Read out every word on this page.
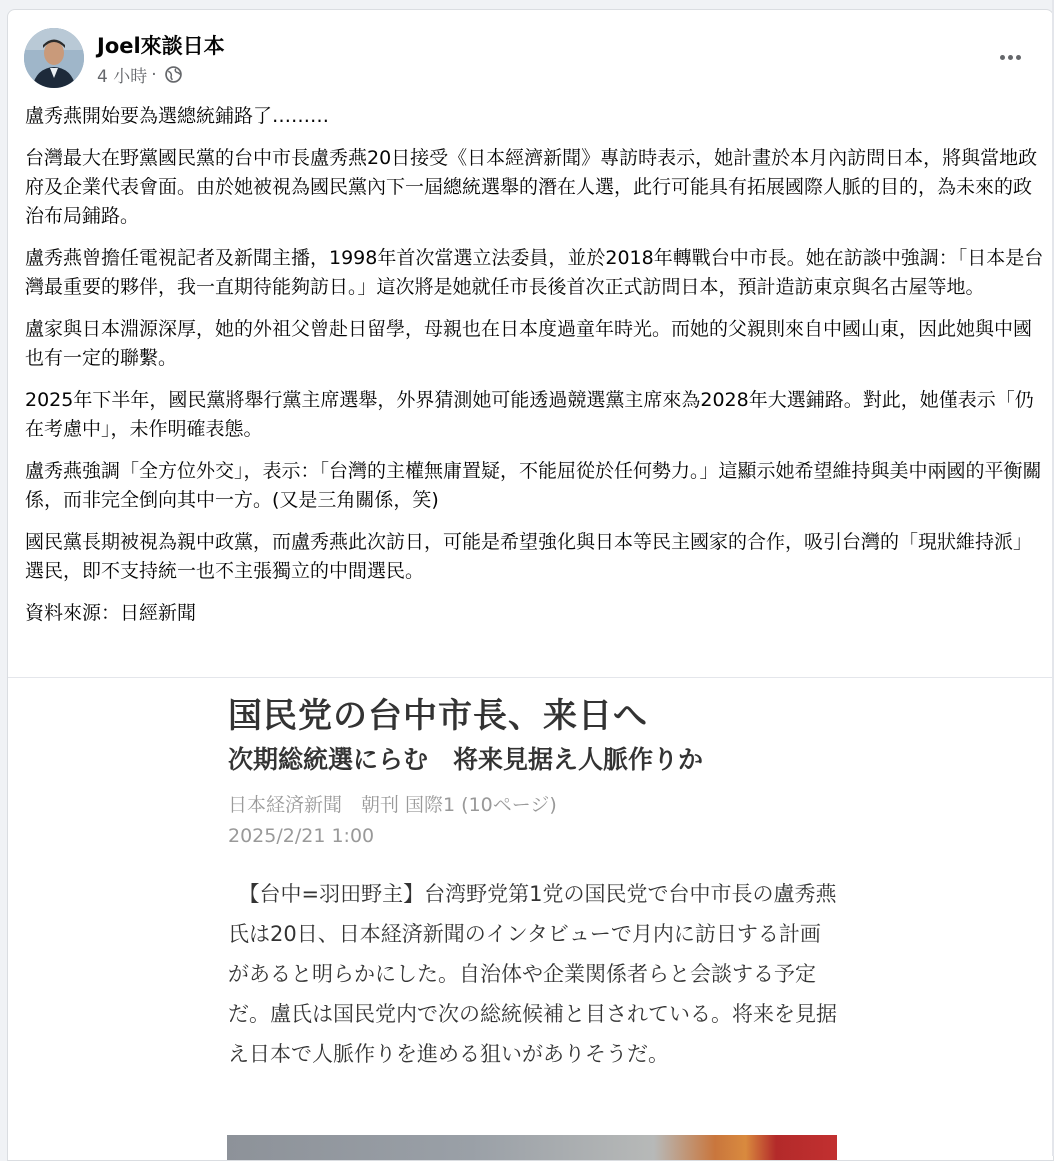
Joel來談日本
4 小時 ·

盧秀燕開始要為選總統鋪路了………

台灣最大在野黨國民黨的台中市長盧秀燕20日接受《日本經濟新聞》專訪時表示，她計畫於本月內訪問日本，將與當地政府及企業代表會面。由於她被視為國民黨內下一屆總統選舉的潛在人選，此行可能具有拓展國際人脈的目的，為未來的政治布局鋪路。

盧秀燕曾擔任電視記者及新聞主播，1998年首次當選立法委員，並於2018年轉戰台中市長。她在訪談中強調：「日本是台灣最重要的夥伴，我一直期待能夠訪日。」這次將是她就任市長後首次正式訪問日本，預計造訪東京與名古屋等地。

盧家與日本淵源深厚，她的外祖父曾赴日留學，母親也在日本度過童年時光。而她的父親則來自中國山東，因此她與中國也有一定的聯繫。

2025年下半年，國民黨將舉行黨主席選舉，外界猜測她可能透過競選黨主席來為2028年大選鋪路。對此，她僅表示「仍在考慮中」，未作明確表態。

盧秀燕強調「全方位外交」，表示：「台灣的主權無庸置疑，不能屈從於任何勢力。」這顯示她希望維持與美中兩國的平衡關係，而非完全倒向其中一方。(又是三角關係，笑)

國民黨長期被視為親中政黨，而盧秀燕此次訪日，可能是希望強化與日本等民主國家的合作，吸引台灣的「現狀維持派」選民，即不支持統一也不主張獨立的中間選民。

資料來源：日經新聞

国民党の台中市長、来日へ
次期総統選にらむ　将来見据え人脈作りか
日本経済新聞　朝刊 国際1 (10ページ)
2025/2/21 1:00
　【台中=羽田野主】台湾野党第1党の国民党で台中市長の盧秀燕氏は20日、日本経済新聞のインタビューで月内に訪日する計画があると明らかにした。自治体や企業関係者らと会談する予定だ。盧氏は国民党内で次の総統候補と目されている。将来を見据え日本で人脈作りを進める狙いがありそうだ。
